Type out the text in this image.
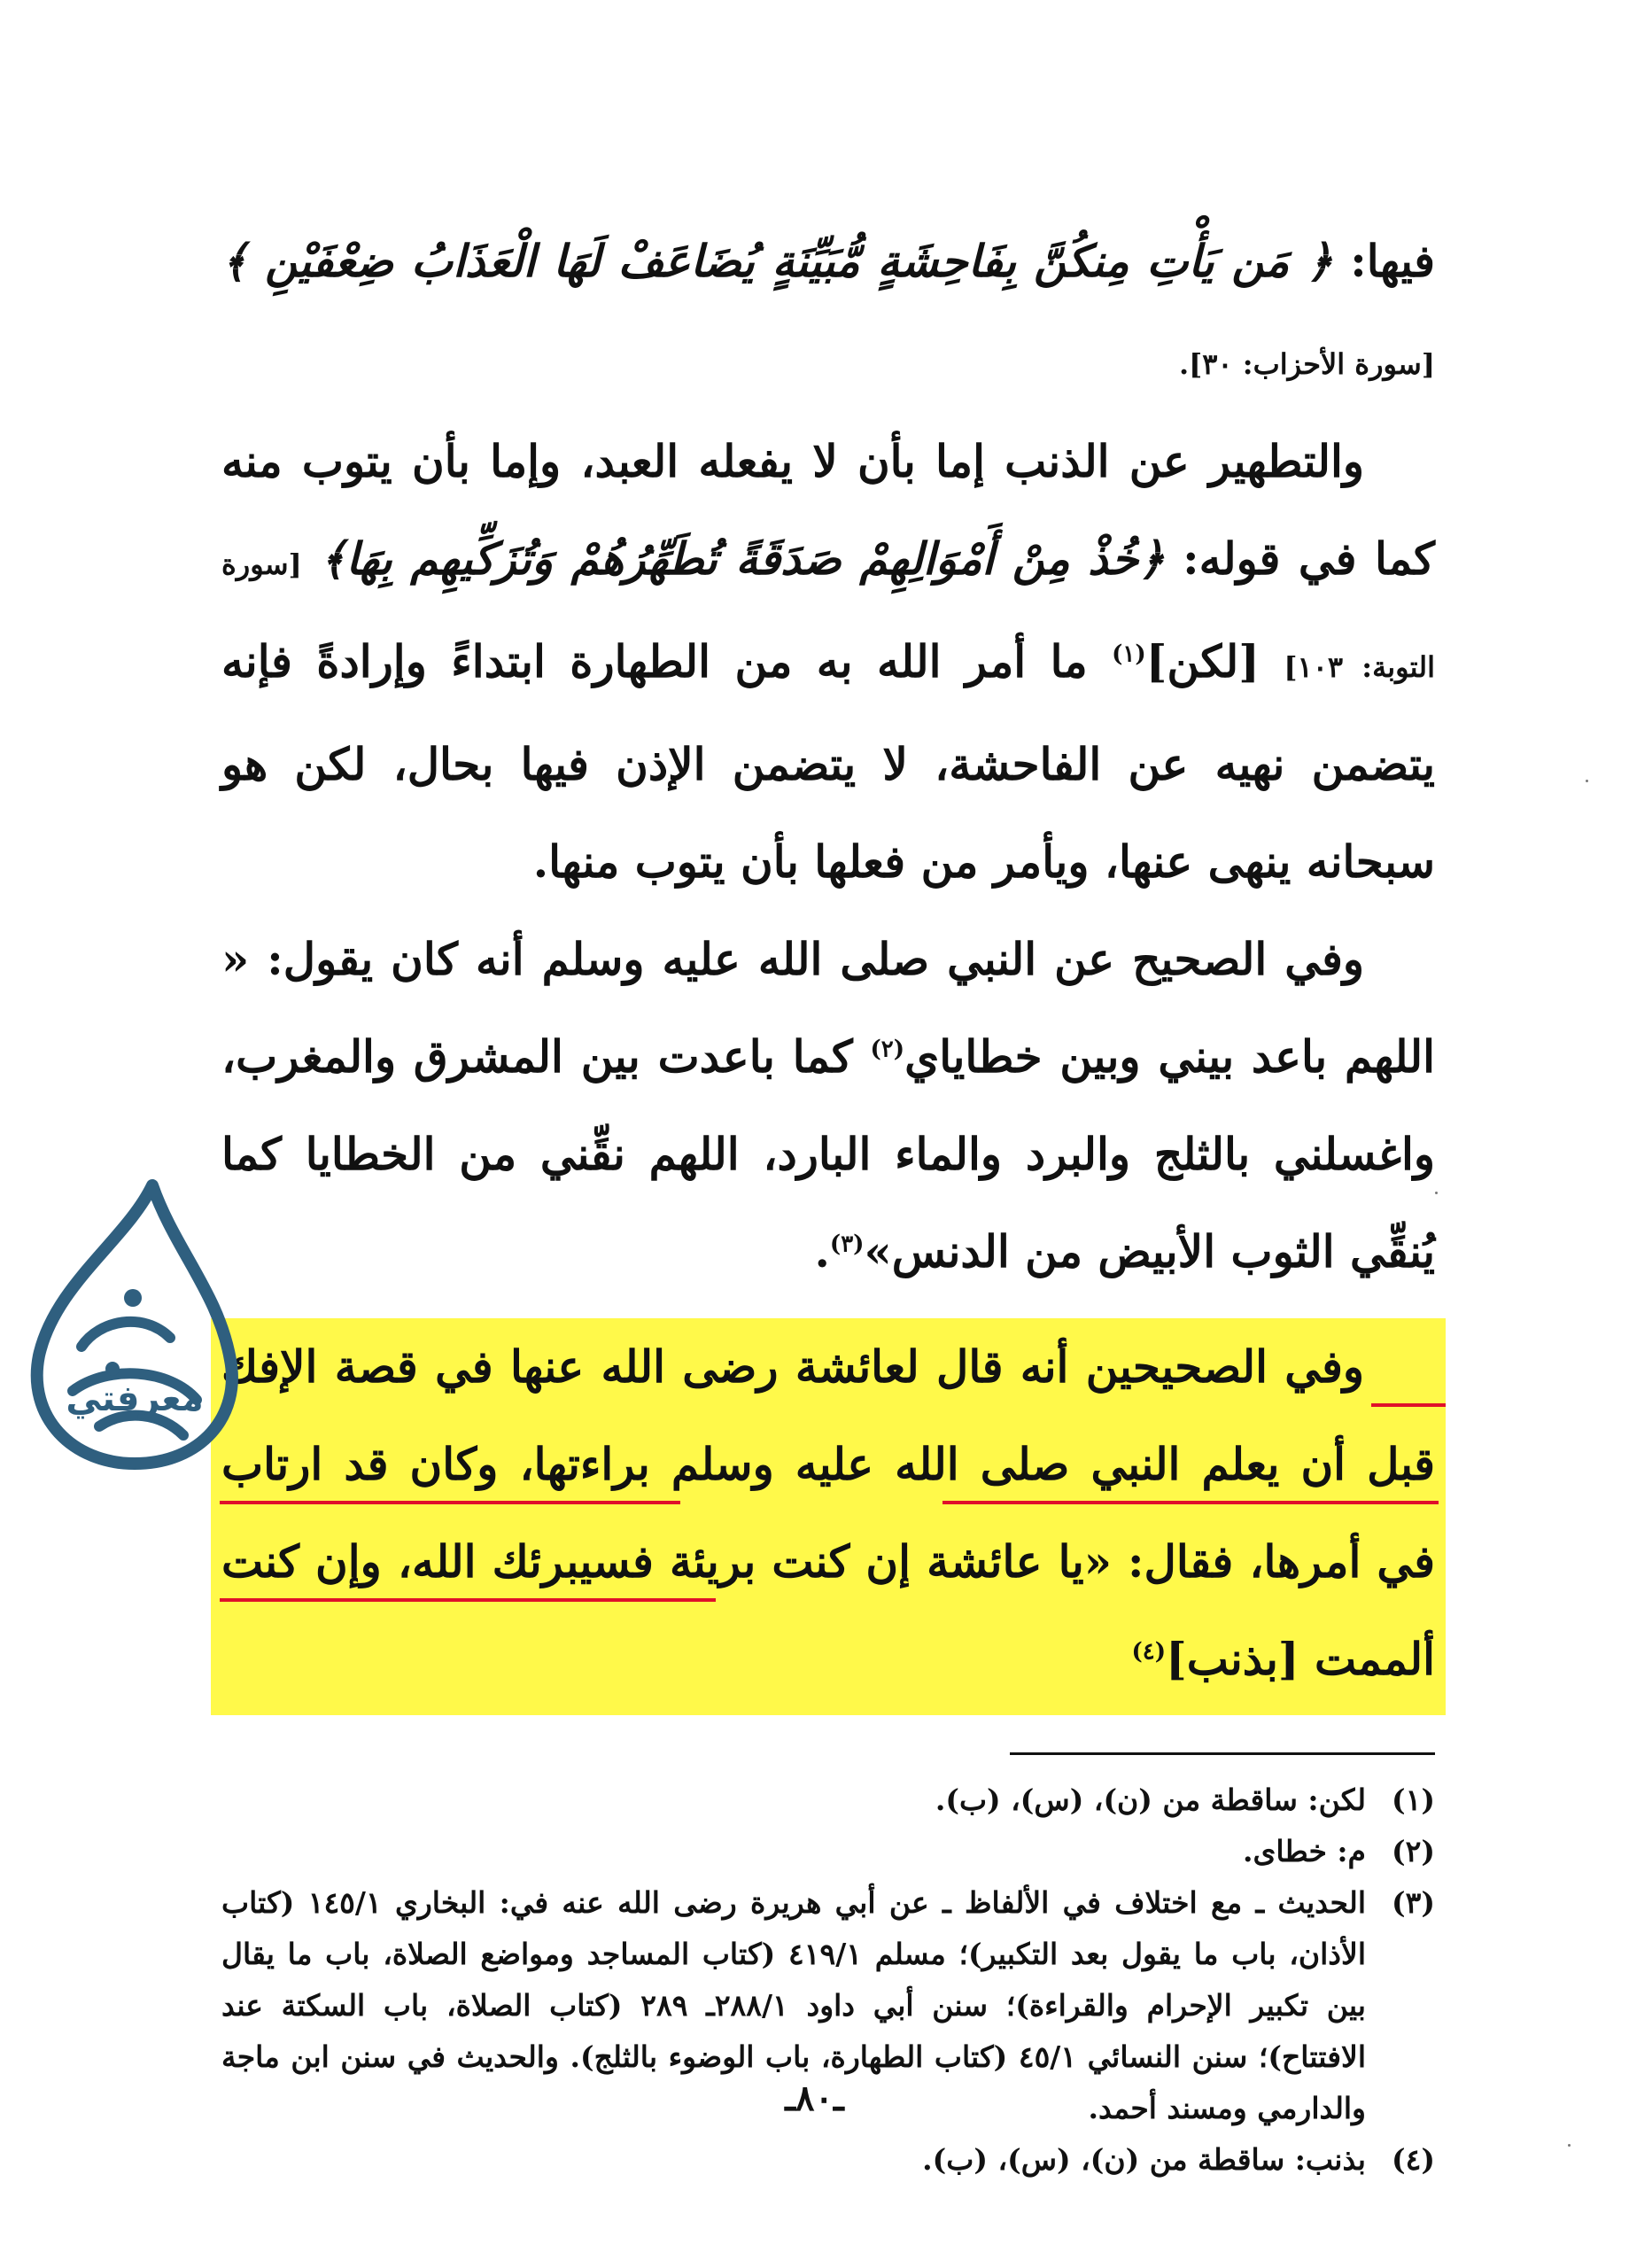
فيها: ﴿ مَن يَأْتِ مِنكُنَّ بِفَاحِشَةٍ مُّبَيِّنَةٍ يُضَاعَفْ لَهَا الْعَذَابُ ضِعْفَيْنِ ﴾ [سورة الأحزاب: ٣٠].

والتطهير عن الذنب إما بأن لا يفعله العبد، وإما بأن يتوب منه كما في قوله: ﴿خُذْ مِنْ أَمْوَالِهِمْ صَدَقَةً تُطَهِّرُهُمْ وَتُزَكِّيهِم بِهَا﴾ [سورة التوبة: ١٠٣] [لكن]$^{(١)}$ ما أمر الله به من الطهارة ابتداءً وإرادةً فإنه يتضمن نهيه عن الفاحشة، لا يتضمن الإذن فيها بحال، لكن هو سبحانه ينهى عنها، ويأمر من فعلها بأن يتوب منها.

وفي الصحيح عن النبي صلى الله عليه وسلم أنه كان يقول: « اللهم باعد بيني وبين خطاياي$^{(٢)}$ كما باعدت بين المشرق والمغرب، واغسلني بالثلج والبرد والماء البارد، اللهم نقِّني من الخطايا كما يُنقِّي الثوب الأبيض من الدنس»$^{(٣)}$.

وفي الصحيحين أنه قال لعائشة رضى الله عنها في قصة الإفك قبل أن يعلم النبي صلى الله عليه وسلم براءتها، وكان قد ارتاب في أمرها، فقال: «يا عائشة إن كنت بريئة فسيبرئك الله، وإن كنت ألممت [بذنب]$^{(٤)}$

(١)
لكن: ساقطة من (ن)، (س)، (ب).
(٢)
م: خطاى.
(٣)
الحديث ـ مع اختلاف في الألفاظ ـ عن أبي هريرة رضى الله عنه في: البخاري ١٤٥/١ (كتاب الأذان، باب ما يقول بعد التكبير)؛ مسلم ٤١٩/١ (كتاب المساجد ومواضع الصلاة، باب ما يقال بين تكبير الإحرام والقراءة)؛ سنن أبي داود ٢٨٨/١ـ ٢٨٩ (كتاب الصلاة، باب السكتة عند الافتتاح)؛ سنن النسائي ٤٥/١ (كتاب الطهارة، باب الوضوء بالثلج). والحديث في سنن ابن ماجة والدارمي ومسند أحمد.
(٤)
بذنب: ساقطة من (ن)، (س)، (ب).
ـ٨٠ـ
معرفتي
